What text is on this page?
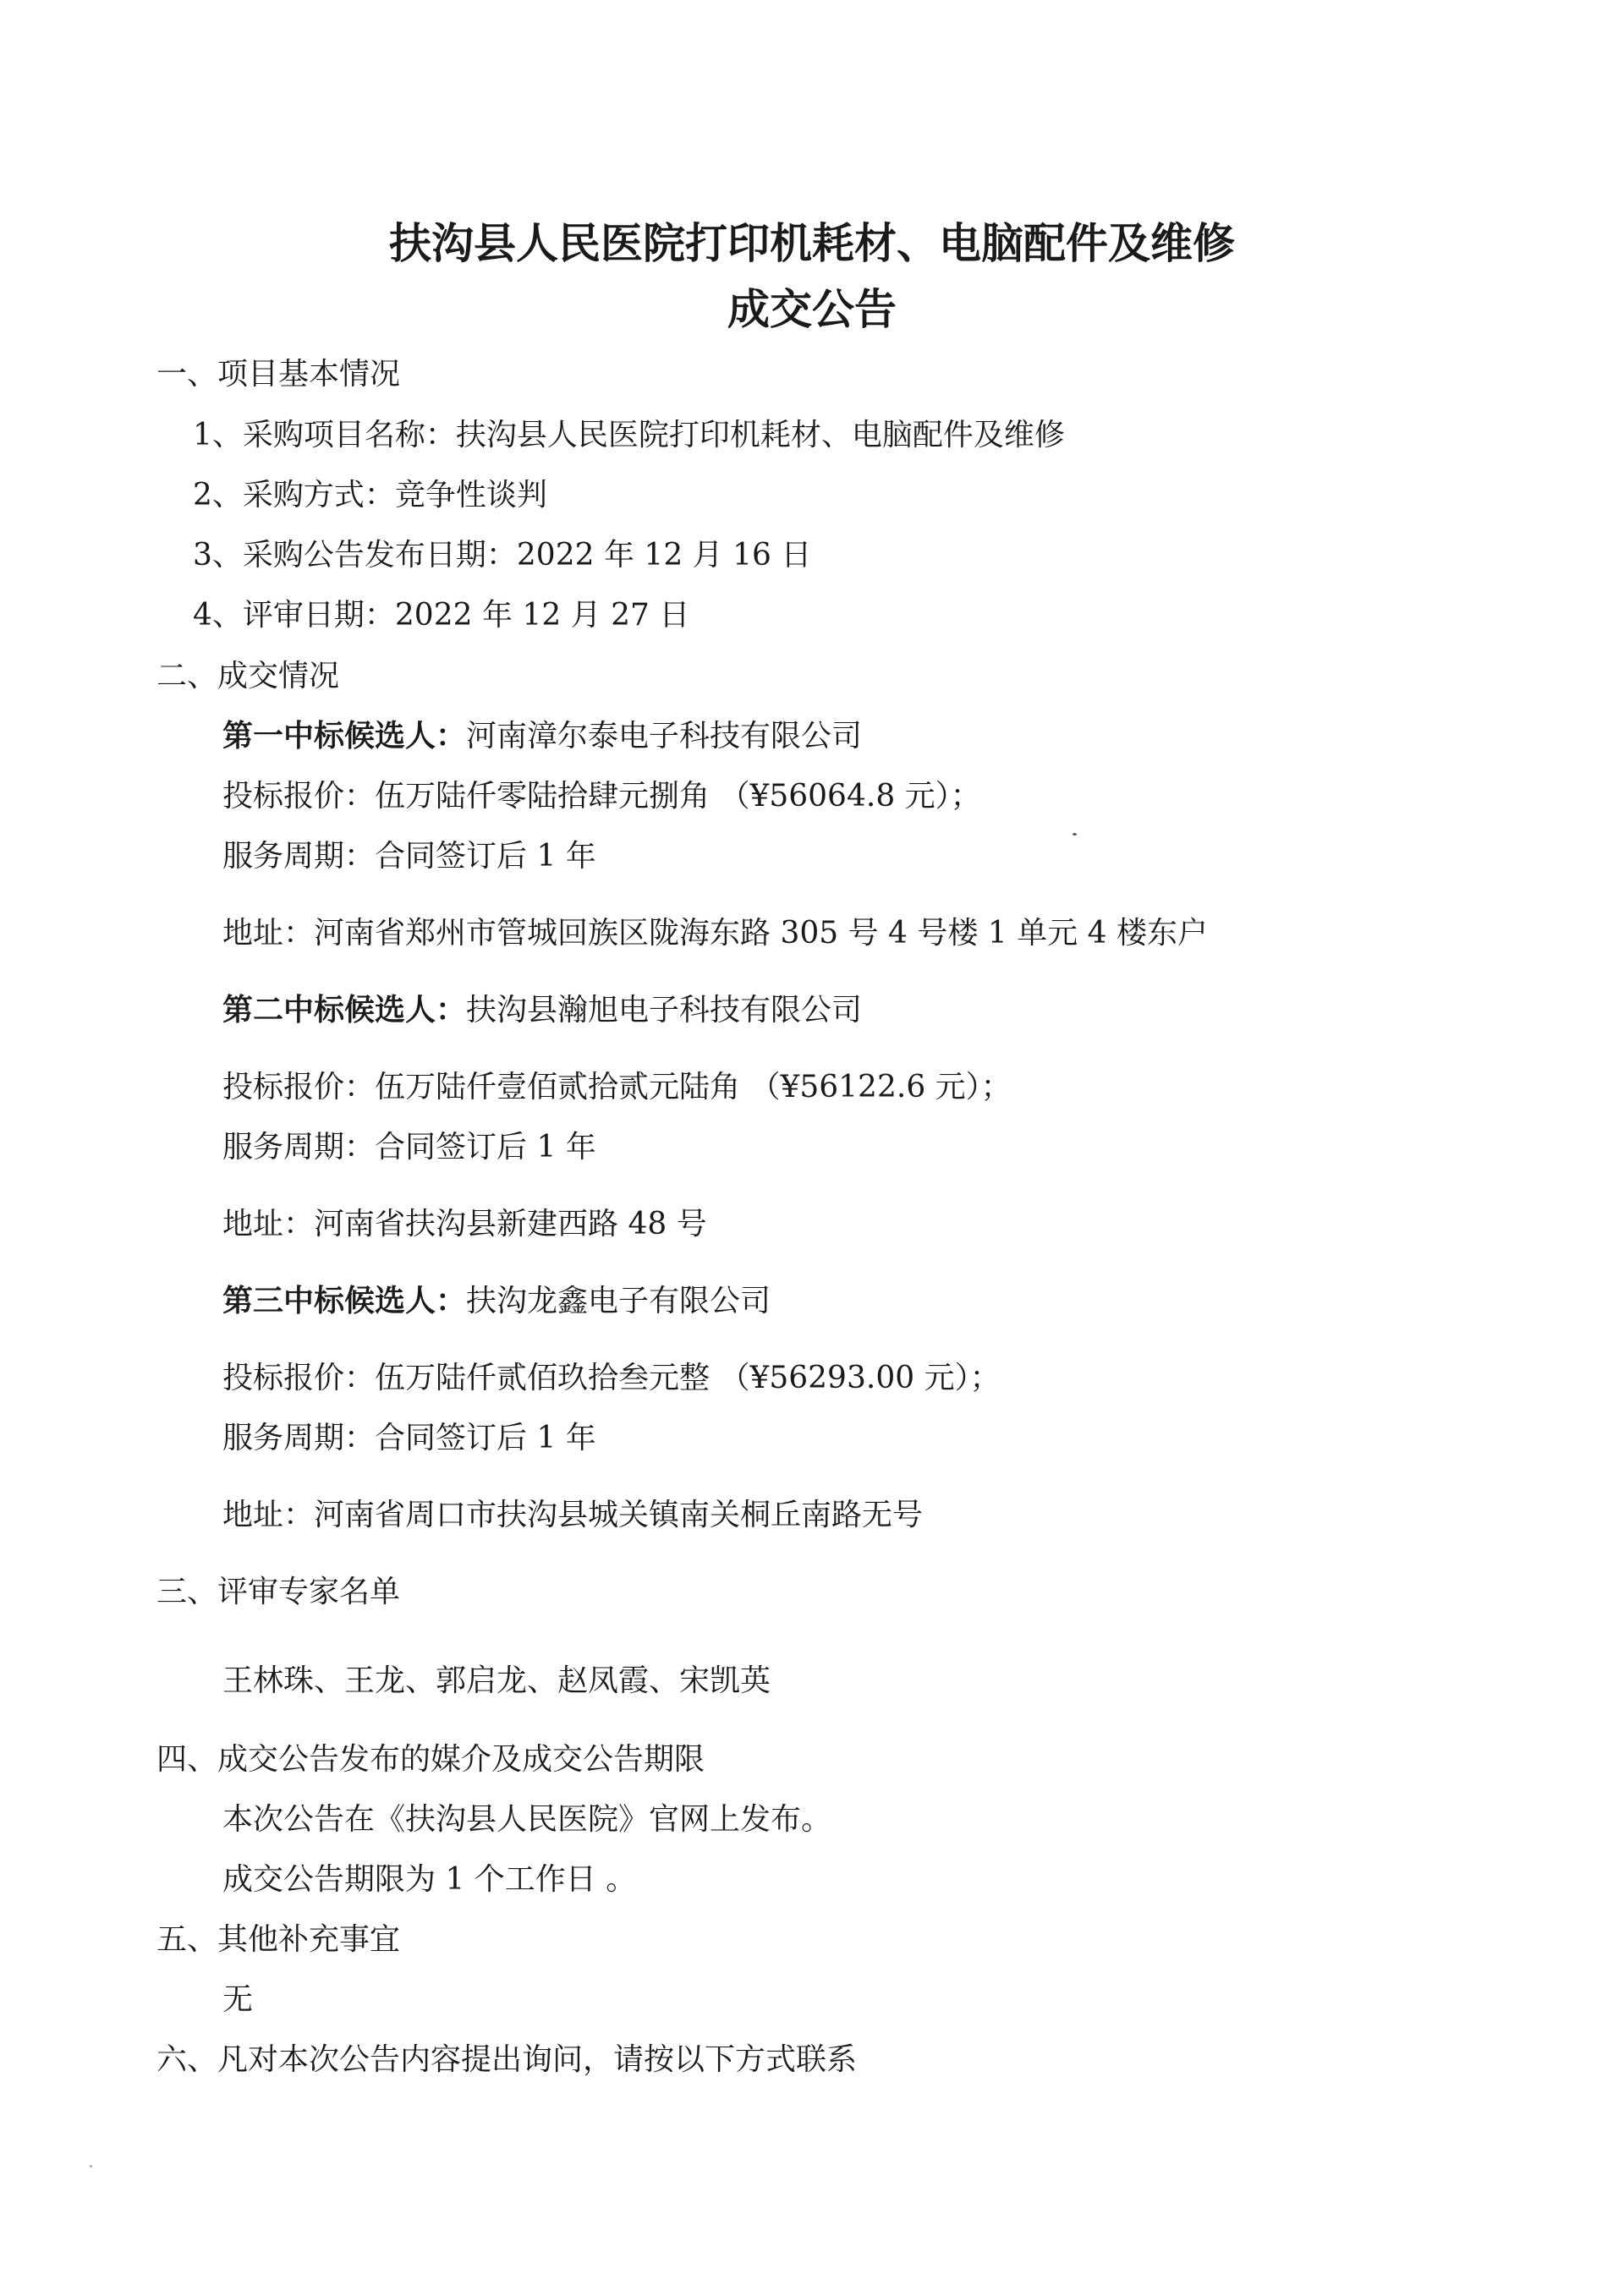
扶沟县人民医院打印机耗材、电脑配件及维修
成交公告
一、项目基本情况
1、采购项目名称：扶沟县人民医院打印机耗材、电脑配件及维修
2、采购方式：竞争性谈判
3、采购公告发布日期：2022 年 12 月 16 日
4、评审日期：2022 年 12 月 27 日
二、成交情况
第一中标候选人：河南漳尔泰电子科技有限公司
投标报价：伍万陆仟零陆拾肆元捌角 （¥56064.8 元）；
服务周期：合同签订后 1 年
地址：河南省郑州市管城回族区陇海东路 305 号 4 号楼 1 单元 4 楼东户
第二中标候选人：扶沟县瀚旭电子科技有限公司
投标报价：伍万陆仟壹佰贰拾贰元陆角 （¥56122.6 元）；
服务周期：合同签订后 1 年
地址：河南省扶沟县新建西路 48 号
第三中标候选人：扶沟龙鑫电子有限公司
投标报价：伍万陆仟贰佰玖拾叁元整 （¥56293.00 元）；
服务周期：合同签订后 1 年
地址：河南省周口市扶沟县城关镇南关桐丘南路无号
三、评审专家名单
王林珠、王龙、郭启龙、赵凤霞、宋凯英
四、成交公告发布的媒介及成交公告期限
本次公告在《扶沟县人民医院》官网上发布。
成交公告期限为 1 个工作日 。
五、其他补充事宜
无
六、凡对本次公告内容提出询问，请按以下方式联系
